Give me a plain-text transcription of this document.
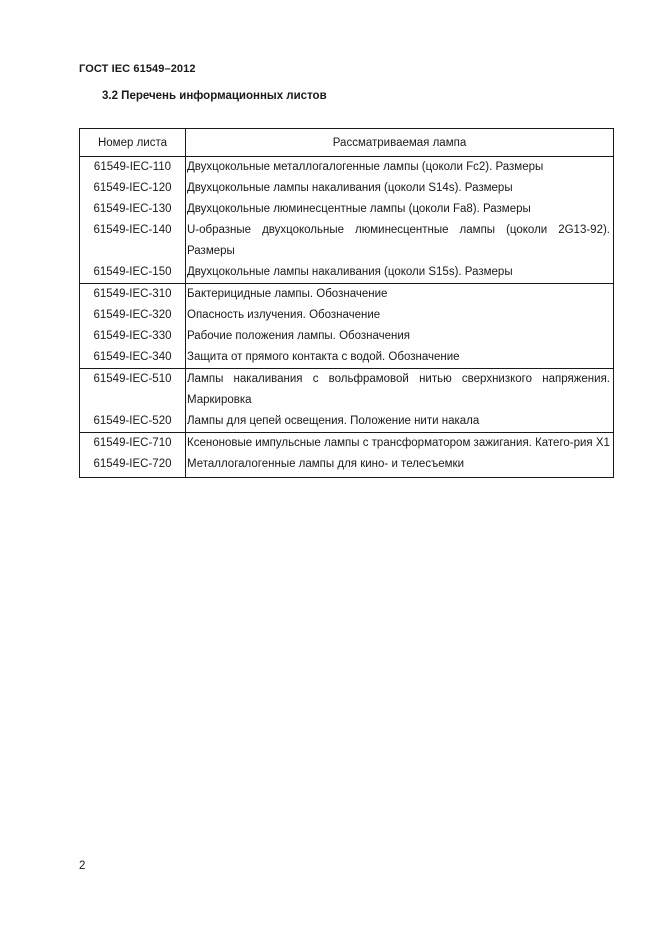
ГОСТ IEC 61549–2012
3.2 Перечень информационных листов
Номер листа	Рассматриваемая лампа
61549-IEC-110	Двухцокольные металлогалогенные лампы (цоколи Fc2). Размеры
61549-IEC-120	Двухцокольные лампы накаливания (цоколи S14s). Размеры
61549-IEC-130	Двухцокольные люминесцентные лампы (цоколи Fa8). Размеры
61549-IEC-140	U-образные двухцокольные люминесцентные лампы (цоколи 2G13-92). Размеры
61549-IEC-150	Двухцокольные лампы накаливания (цоколи S15s). Размеры
61549-IEC-310	Бактерицидные лампы. Обозначение
61549-IEC-320	Опасность излучения. Обозначение
61549-IEC-330	Рабочие положения лампы. Обозначения
61549-IEC-340	Защита от прямого контакта с водой. Обозначение
61549-IEC-510	Лампы накаливания с вольфрамовой нитью сверхнизкого напряжения. Маркировка
61549-IEC-520	Лампы для цепей освещения. Положение нити накала
61549-IEC-710	Ксеноновые импульсные лампы с трансформатором зажигания. Катего-рия X1
61549-IEC-720	Металлогалогенные лампы для кино- и телесъемки
2
